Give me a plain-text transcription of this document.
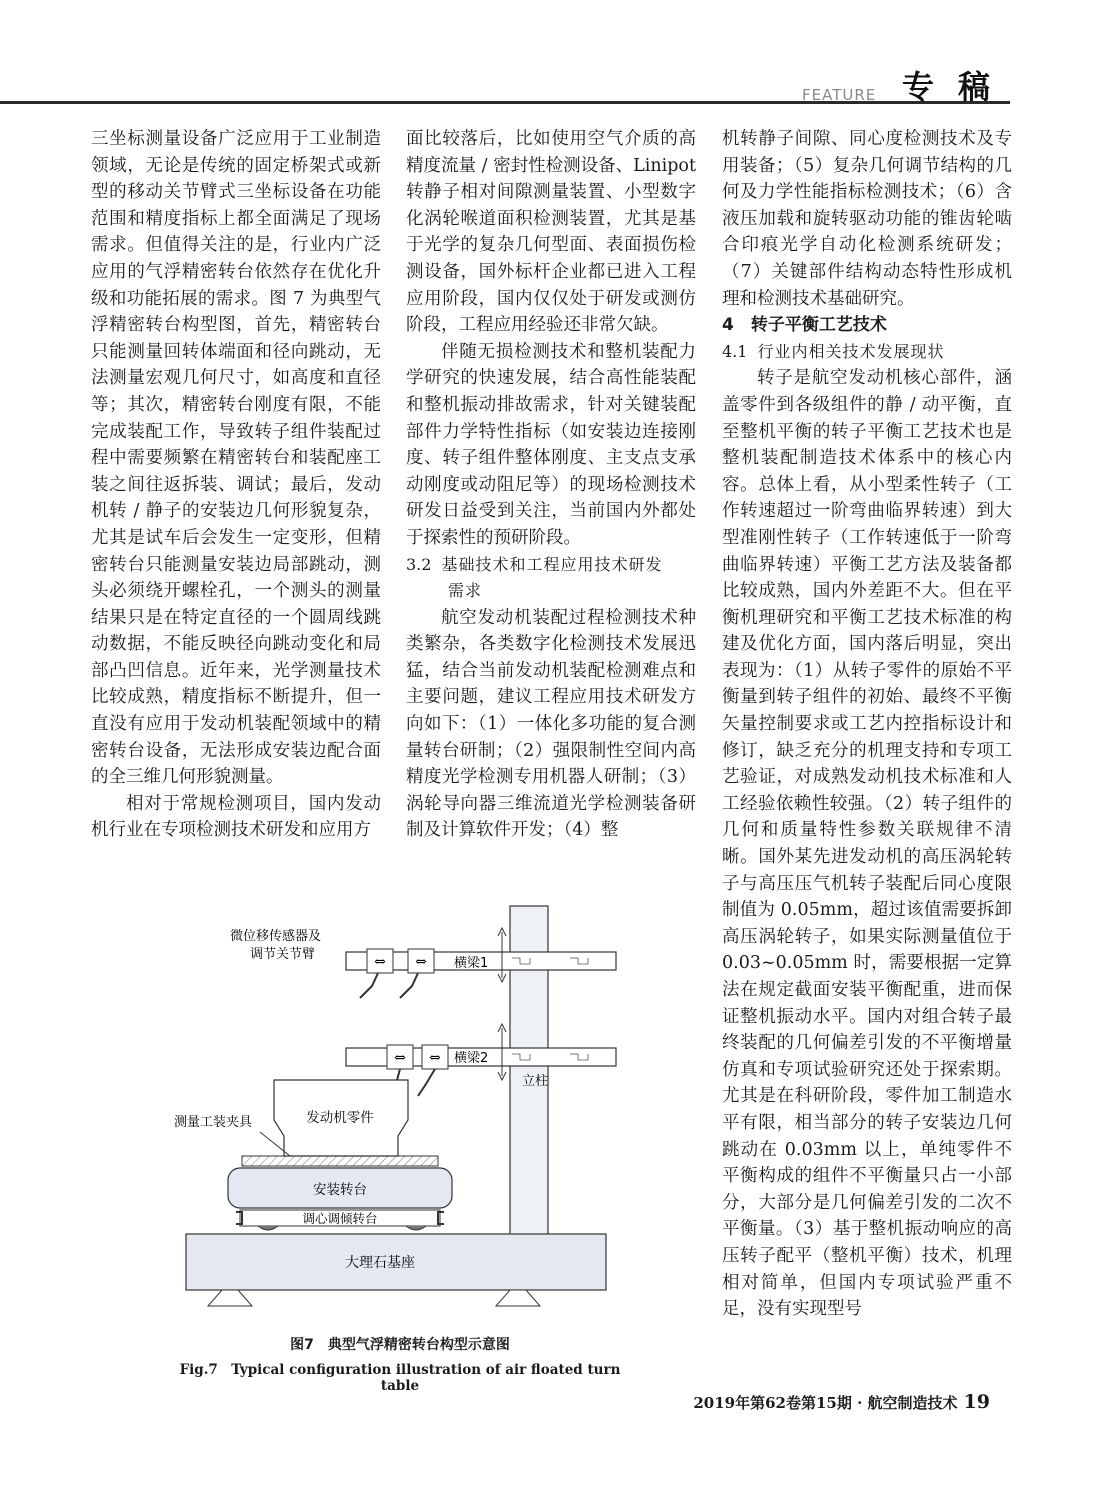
FEATURE 专稿

三坐标测量设备广泛应用于工业制造领域，无论是传统的固定桥架式或新型的移动关节臂式三坐标设备在功能范围和精度指标上都全面满足了现场需求。但值得关注的是，行业内广泛应用的气浮精密转台依然存在优化升级和功能拓展的需求。图 7 为典型气浮精密转台构型图，首先，精密转台只能测量回转体端面和径向跳动，无法测量宏观几何尺寸，如高度和直径等；其次，精密转台刚度有限，不能完成装配工作，导致转子组件装配过程中需要频繁在精密转台和装配座工装之间往返拆装、调试；最后，发动机转 / 静子的安装边几何形貌复杂，尤其是试车后会发生一定变形，但精密转台只能测量安装边局部跳动，测头必须绕开螺栓孔，一个测头的测量结果只是在特定直径的一个圆周线跳动数据，不能反映径向跳动变化和局部凸凹信息。近年来，光学测量技术比较成熟，精度指标不断提升，但一直没有应用于发动机装配领域中的精密转台设备，无法形成安装边配合面的全三维几何形貌测量。

相对于常规检测项目，国内发动机行业在专项检测技术研发和应用方

面比较落后，比如使用空气介质的高精度流量 / 密封性检测设备、Linipot 转静子相对间隙测量装置、小型数字化涡轮喉道面积检测装置，尤其是基于光学的复杂几何型面、表面损伤检测设备，国外标杆企业都已进入工程应用阶段，国内仅仅处于研发或测仿阶段，工程应用经验还非常欠缺。

伴随无损检测技术和整机装配力学研究的快速发展，结合高性能装配和整机振动排故需求，针对关键装配部件力学特性指标（如安装边连接刚度、转子组件整体刚度、主支点支承动刚度或动阻尼等）的现场检测技术研发日益受到关注，当前国内外都处于探索性的预研阶段。

3.2 基础技术和工程应用技术研发
需求

航空发动机装配过程检测技术种类繁杂，各类数字化检测技术发展迅猛，结合当前发动机装配检测难点和主要问题，建议工程应用技术研发方向如下：（1）一体化多功能的复合测量转台研制；（2）强限制性空间内高精度光学检测专用机器人研制；（3）涡轮导向器三维流道光学检测装备研制及计算软件开发；（4）整

机转静子间隙、同心度检测技术及专用装备；（5）复杂几何调节结构的几何及力学性能指标检测技术；（6）含液压加载和旋转驱动功能的锥齿轮啮合印痕光学自动化检测系统研发；（7）关键部件结构动态特性形成机理和检测技术基础研究。

4　转子平衡工艺技术
4.1 行业内相关技术发展现状

转子是航空发动机核心部件，涵盖零件到各级组件的静 / 动平衡，直至整机平衡的转子平衡工艺技术也是整机装配制造技术体系中的核心内容。总体上看，从小型柔性转子（工作转速超过一阶弯曲临界转速）到大型准刚性转子（工作转速低于一阶弯曲临界转速）平衡工艺方法及装备都比较成熟，国内外差距不大。但在平衡机理研究和平衡工艺技术标准的构建及优化方面，国内落后明显，突出表现为：（1）从转子零件的原始不平衡量到转子组件的初始、最终不平衡矢量控制要求或工艺内控指标设计和修订，缺乏充分的机理支持和专项工艺验证，对成熟发动机技术标准和人工经验依赖性较强。（2）转子组件的几何和质量特性参数关联规律不清晰。国外某先进发动机的高压涡轮转子与高压压气机转子装配后同心度限制值为 0.05mm，超过该值需要拆卸高压涡轮转子，如果实际测量值位于 0.03~0.05mm 时，需要根据一定算法在规定截面安装平衡配重，进而保证整机振动水平。国内对组合转子最终装配的几何偏差引发的不平衡增量仿真和专项试验研究还处于探索期。尤其是在科研阶段，零件加工制造水平有限，相当部分的转子安装边几何跳动在 0.03mm 以上，单纯零件不平衡构成的组件不平衡量只占一小部分，大部分是几何偏差引发的二次不平衡量。（3）基于整机振动响应的高压转子配平（整机平衡）技术，机理相对简单，但国内专项试验严重不足，没有实现型号

⇔ ⇔ 横梁1
⇔ ⇔ 横梁2
立柱
微位移传感器及
调节关节臂
发动机零件
测量工装夹具
安装转台
调心调倾转台
大理石基座
图7　典型气浮精密转台构型示意图
Fig.7　Typical configuration illustration of air floated turn table
2019年第62卷第15期 · 航空制造技术 19
